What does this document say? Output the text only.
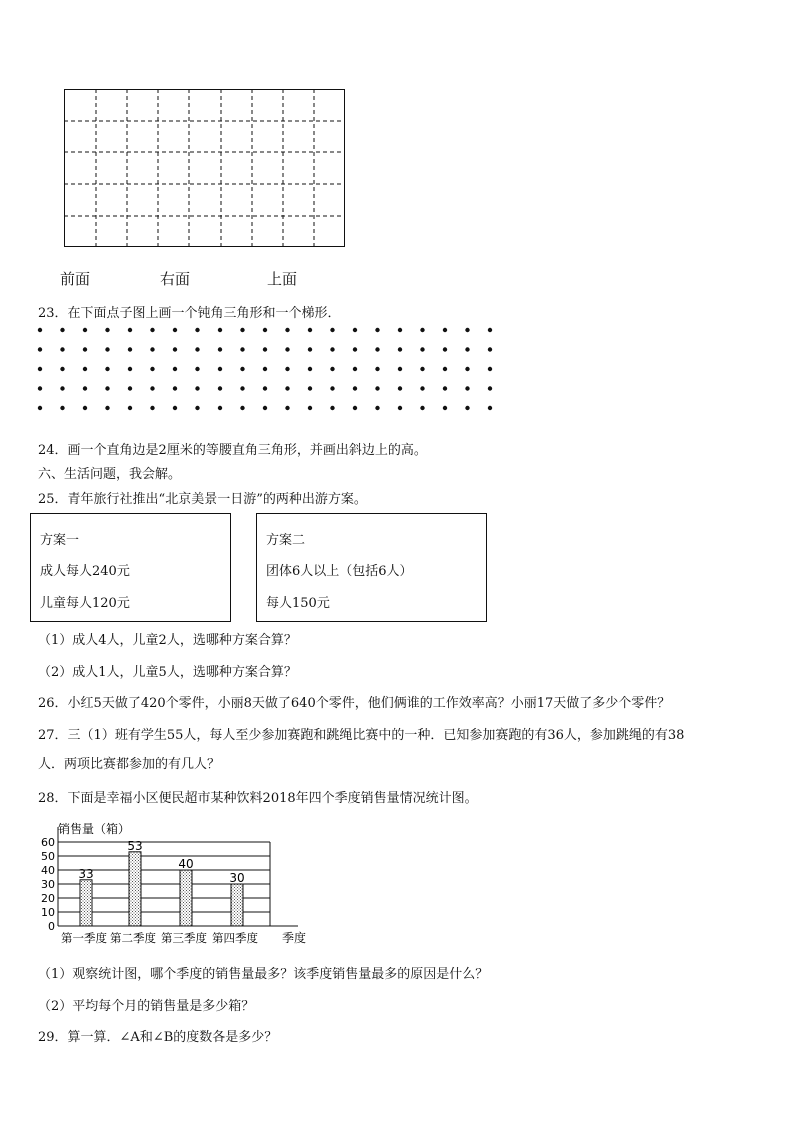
前面	右面	上面
23．在下面点子图上画一个钝角三角形和一个梯形．
24．画一个直角边是2厘米的等腰直角三角形，并画出斜边上的高。
六、生活问题，我会解。
25．青年旅行社推出“北京美景一日游”的两种出游方案。
方案一
成人每人240元
儿童每人120元
方案二
团体6人以上（包括6人）
每人150元
（1）成人4人，儿童2人，选哪种方案合算？
（2）成人1人，儿童5人，选哪种方案合算？
26．小红5天做了420个零件，小丽8天做了640个零件，他们俩谁的工作效率高？小丽17天做了多少个零件？
27．三（1）班有学生55人，每人至少参加赛跑和跳绳比赛中的一种．已知参加赛跑的有36人，参加跳绳的有38
人．两项比赛都参加的有几人？
28．下面是幸福小区便民超市某种饮料2018年四个季度销售量情况统计图。
销售量（箱）
0
10
20
30
40
50
60
33
第一季度
53
第二季度
40
第三季度
30
第四季度 季度
（1）观察统计图，哪个季度的销售量最多？该季度销售量最多的原因是什么？
（2）平均每个月的销售量是多少箱？
29．算一算．∠A和∠B的度数各是多少？
